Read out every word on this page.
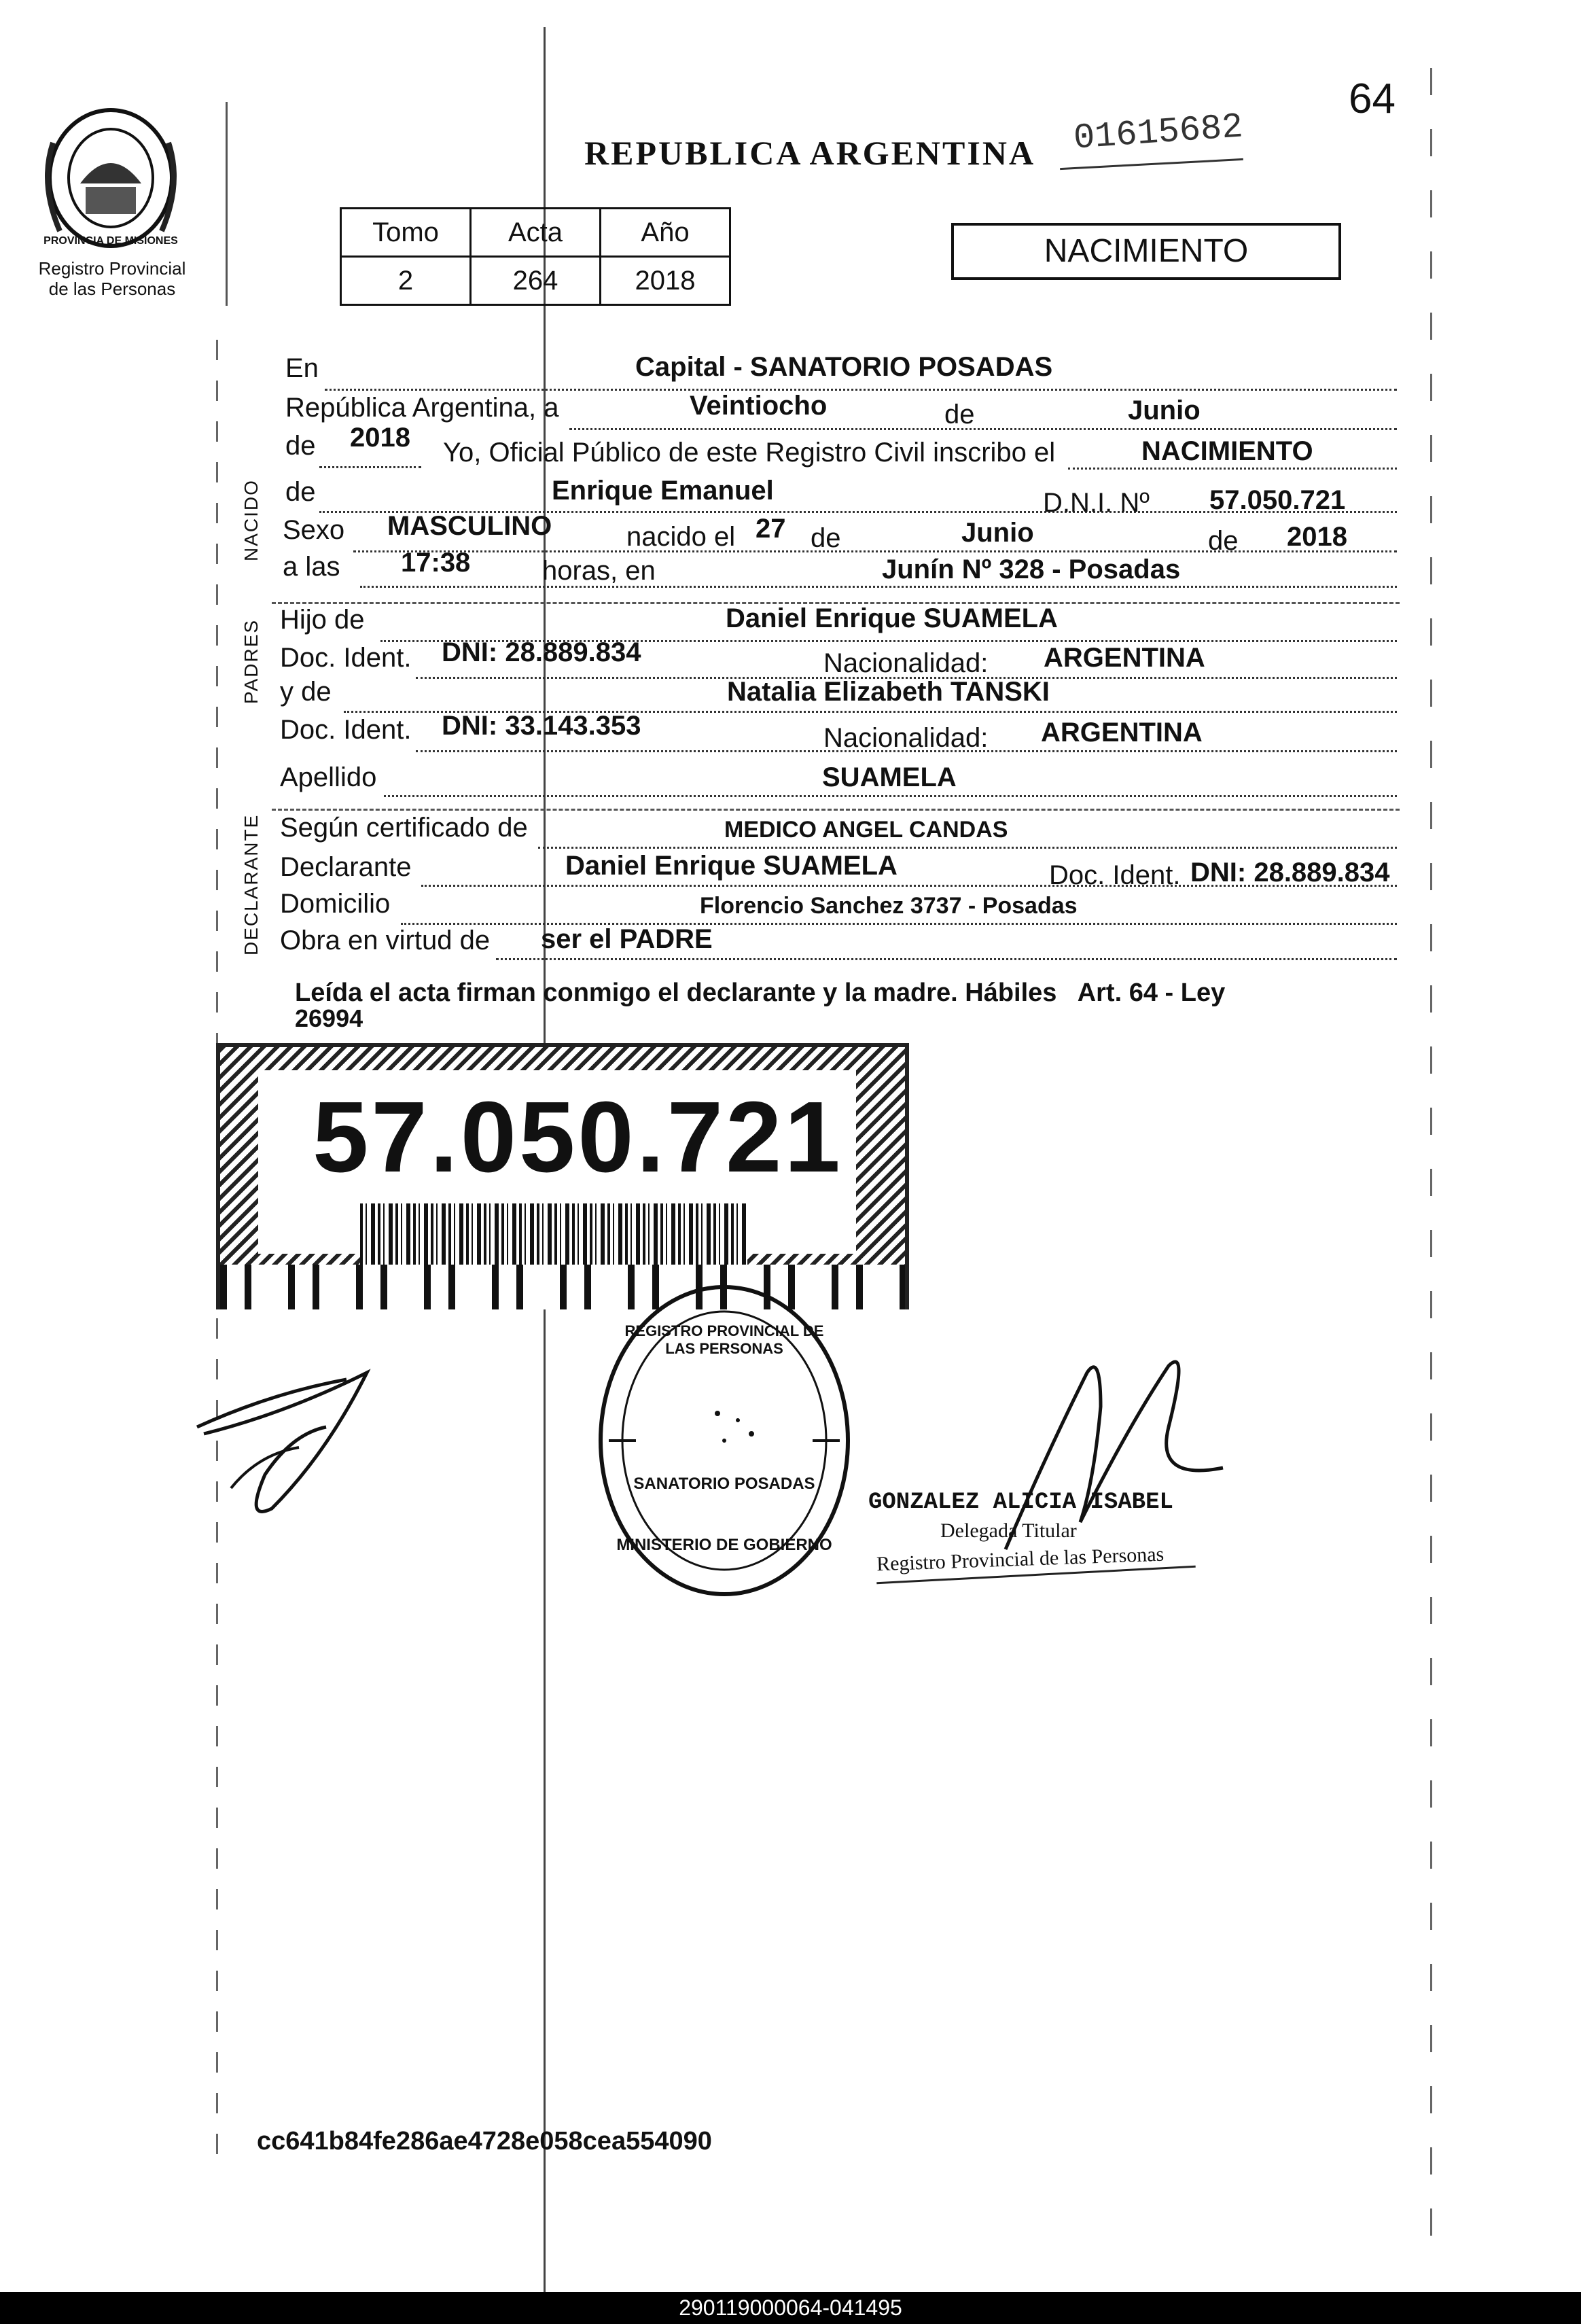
PROVINCIA DE MISIONES
Registro Provincial
de las Personas
REPUBLICA ARGENTINA 01615682
64
Tomo	Acta	Año
2	264	2018
NACIMIENTO
NACIDO
PADRES
DECLARANTE
En	Capital - SANATORIO POSADAS
República Argentina, a	Veintiocho	de	Junio
de 2018 Yo, Oficial Público de este Registro Civil inscribo el	NACIMIENTO
de	Enrique Emanuel	D.N.I. Nº 57.050.721
Sexo MASCULINO	nacido el 27 de	Junio	de 2018
a las 17:38	horas, en	Junín Nº 328 - Posadas
Hijo de	Daniel Enrique SUAMELA
Doc. Ident. DNI: 28.889.834	Nacionalidad: ARGENTINA
y de	Natalia Elizabeth TANSKI
Doc. Ident. DNI: 33.143.353	Nacionalidad: ARGENTINA
Apellido	SUAMELA
Según certificado de	MEDICO ANGEL CANDAS
Declarante	Daniel Enrique SUAMELA	Doc. Ident. DNI: 28.889.834
Domicilio	Florencio Sanchez 3737 - Posadas
Obra en virtud de ser el PADRE
Leída el acta firman conmigo el declarante y la madre. Hábiles   Art. 64 - Ley
26994
57.050.721
REGISTRO PROVINCIAL DE LAS PERSONAS
SANATORIO POSADAS
MINISTERIO DE GOBIERNO
GONZALEZ ALICIA ISABEL
Delegada Titular
Registro Provincial de las Personas
cc641b84fe286ae4728e058cea554090
290119000064-041495
